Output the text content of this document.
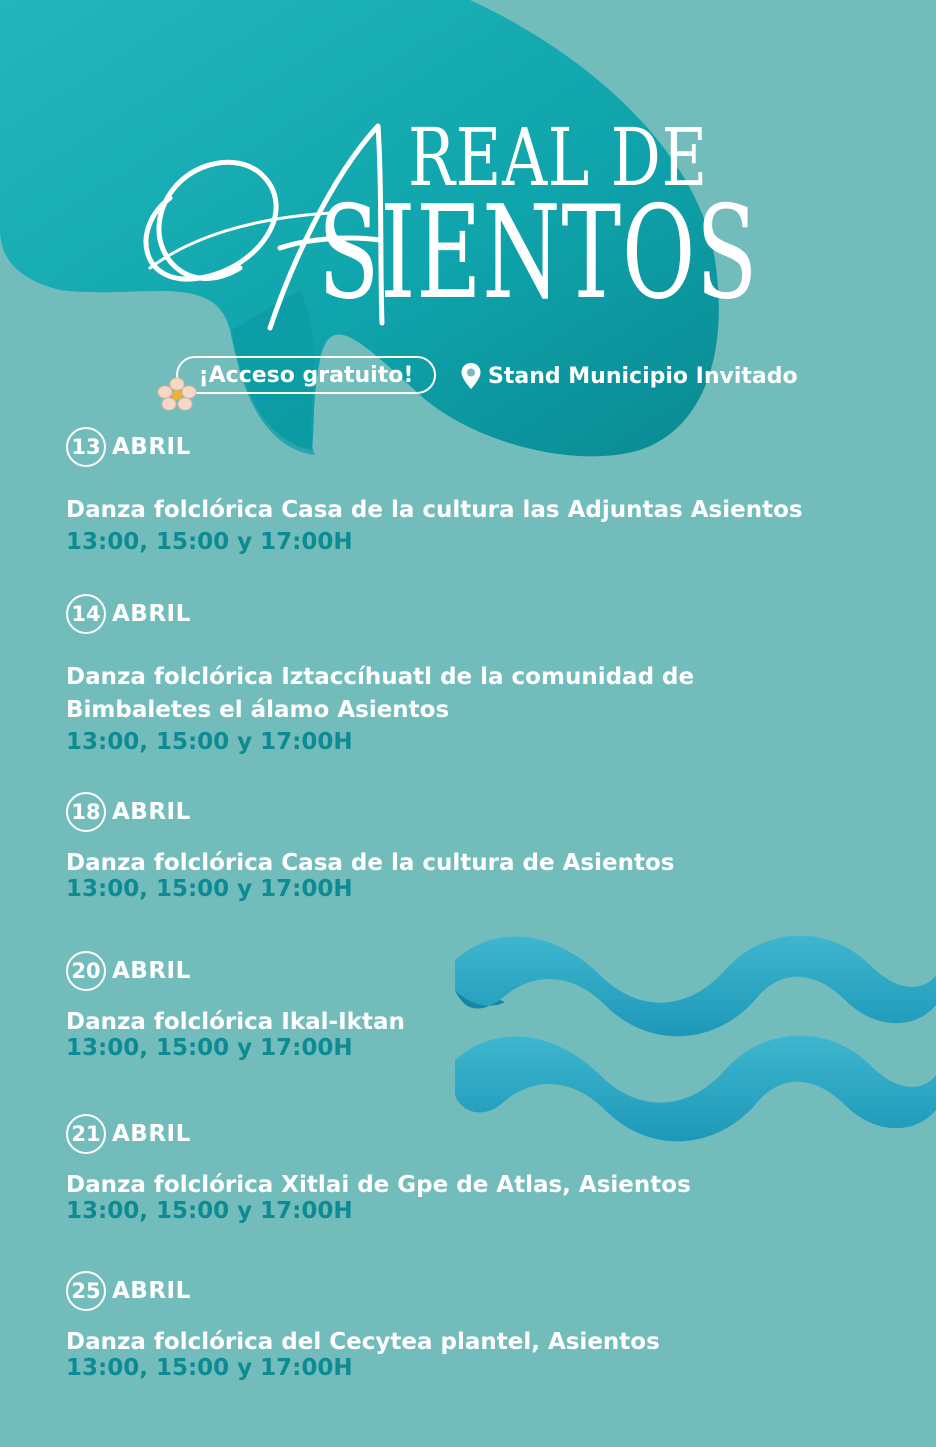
REAL DE
SIENTOS
¡Acceso gratuito!	Stand Municipio Invitado
13 ABRIL
Danza folclórica Casa de la cultura las Adjuntas Asientos
13:00, 15:00 y 17:00H
14 ABRIL
Danza folclórica Iztaccíhuatl de la comunidad de Bimbaletes el álamo Asientos
13:00, 15:00 y 17:00H
18 ABRIL
Danza folclórica Casa de la cultura de Asientos
13:00, 15:00 y 17:00H
20 ABRIL
Danza folclórica Ikal-Iktan
13:00, 15:00 y 17:00H
21 ABRIL
Danza folclórica Xitlai de Gpe de Atlas, Asientos
13:00, 15:00 y 17:00H
25 ABRIL
Danza folclórica del Cecytea plantel, Asientos
13:00, 15:00 y 17:00H
